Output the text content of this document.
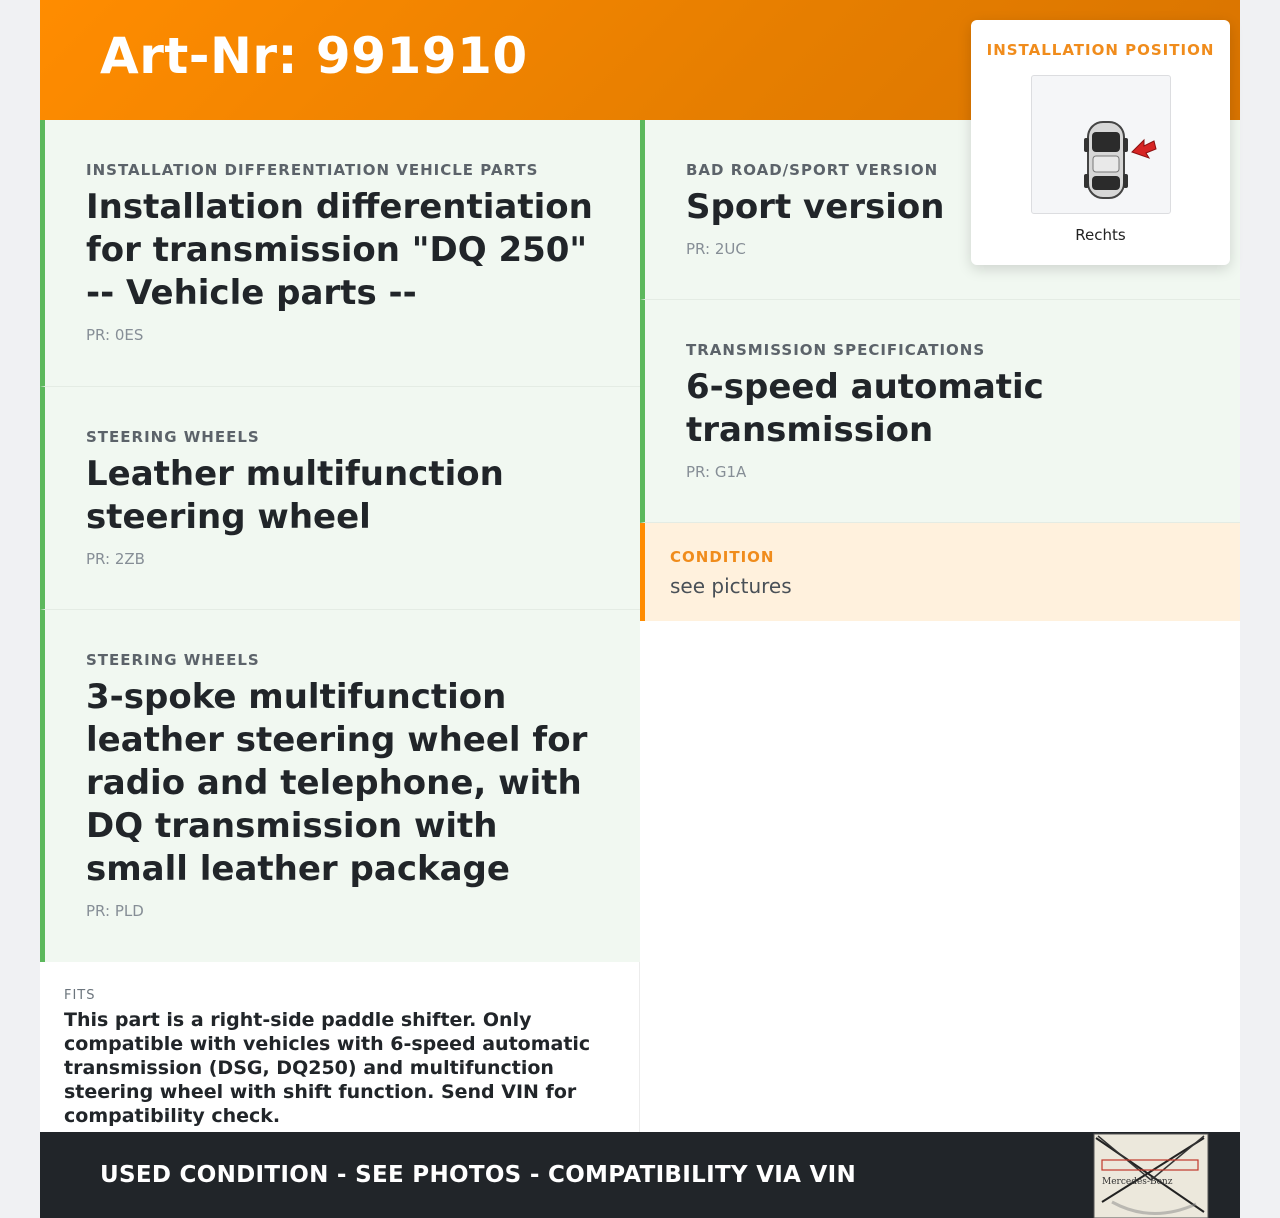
Art-Nr: 991910	INSTALLATION POSITION
Rechts
INSTALLATION DIFFERENTIATION VEHICLE PARTS
Installation differentiation for transmission "DQ 250" -- Vehicle parts --
PR: 0ES
STEERING WHEELS
Leather multifunction steering wheel
PR: 2ZB
STEERING WHEELS
3-spoke multifunction leather steering wheel for radio and telephone, with DQ transmission with small leather package
PR: PLD
BAD ROAD/SPORT VERSION
Sport version
PR: 2UC
TRANSMISSION SPECIFICATIONS
6-speed automatic transmission
PR: G1A
CONDITION
see pictures
FITS
This part is a right-side paddle shifter. Only compatible with vehicles with 6-speed automatic transmission (DSG, DQ250) and multifunction steering wheel with shift function. Send VIN for compatibility check.
USED CONDITION - SEE PHOTOS - COMPATIBILITY VIA VIN	Mercedes-Benz
